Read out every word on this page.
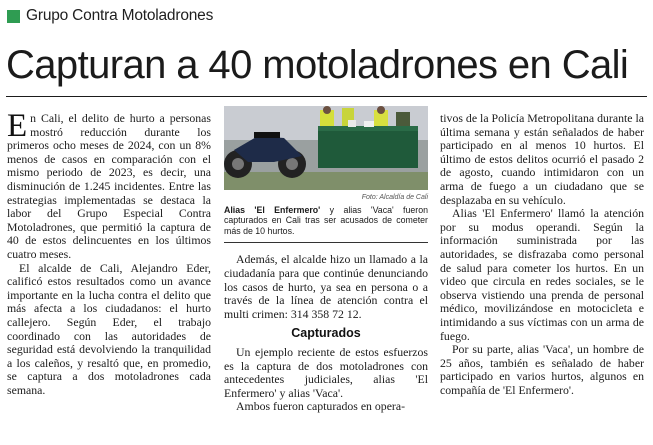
Grupo Contra Motoladrones
Capturan a 40 motoladrones en Cali

En Cali, el delito de hurto a personas mostró reducción durante los primeros ocho meses de 2024, con un 8% menos de casos en comparación con el mismo periodo de 2023, es decir, una disminución de 1.245 incidentes. Entre las estrategias implementadas se destaca la labor del Grupo Especial Contra Motoladrones, que permitió la captura de 40 de estos delincuentes en los últimos cuatro meses.

El alcalde de Cali, Alejandro Eder, calificó estos resultados como un avance importante en la lucha contra el delito que más afecta a los ciudadanos: el hurto callejero. Según Eder, el trabajo coordinado con las autoridades de seguridad está devolviendo la tranquilidad a los caleños, y resaltó que, en promedio, se captura a dos motoladrones cada semana.

Foto: Alcaldía de Cali

Alias 'El Enfermero' y alias 'Vaca' fueron capturados en Cali tras ser acusados de cometer más de 10 hurtos.

Además, el alcalde hizo un llamado a la ciudadanía para que continúe denunciando los casos de hurto, ya sea en persona o a través de la línea de atención contra el multi crimen: 314 358 72 12.

Capturados

Un ejemplo reciente de estos esfuerzos es la captura de dos motoladrones con antecedentes judiciales, alias 'El Enfermero' y alias 'Vaca'.

Ambos fueron capturados en opera-

tivos de la Policía Metropolitana durante la última semana y están señalados de haber participado en al menos 10 hurtos. El último de estos delitos ocurrió el pasado 2 de agosto, cuando intimidaron con un arma de fuego a un ciudadano que se desplazaba en su vehículo.

Alias 'El Enfermero' llamó la atención por su modus operandi. Según la información suministrada por las autoridades, se disfrazaba como personal de salud para cometer los hurtos. En un video que circula en redes sociales, se le observa vistiendo una prenda de personal médico, movilizándose en motocicleta e intimidando a sus víctimas con un arma de fuego.

Por su parte, alias 'Vaca', un hombre de 25 años, también es señalado de haber participado en varios hurtos, algunos en compañía de 'El Enfermero'.
